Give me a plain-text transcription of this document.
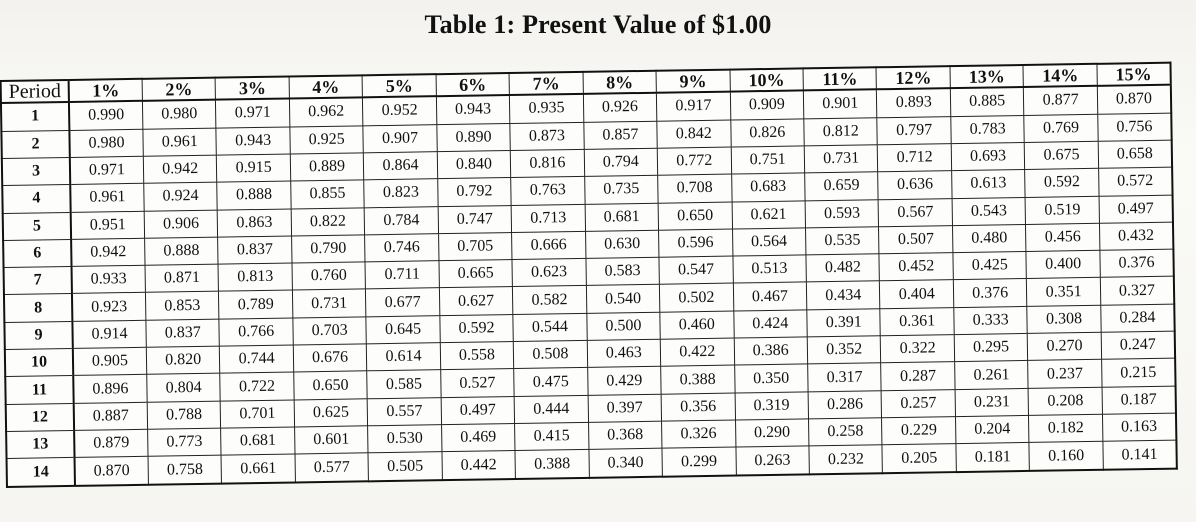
Table 1: Present Value of $1.00
Period	1%	2%	3%	4%	5%	6%	7%	8%	9%	10%	11%	12%	13%	14%	15%
1	0.990	0.980	0.971	0.962	0.952	0.943	0.935	0.926	0.917	0.909	0.901	0.893	0.885	0.877	0.870
2	0.980	0.961	0.943	0.925	0.907	0.890	0.873	0.857	0.842	0.826	0.812	0.797	0.783	0.769	0.756
3	0.971	0.942	0.915	0.889	0.864	0.840	0.816	0.794	0.772	0.751	0.731	0.712	0.693	0.675	0.658
4	0.961	0.924	0.888	0.855	0.823	0.792	0.763	0.735	0.708	0.683	0.659	0.636	0.613	0.592	0.572
5	0.951	0.906	0.863	0.822	0.784	0.747	0.713	0.681	0.650	0.621	0.593	0.567	0.543	0.519	0.497
6	0.942	0.888	0.837	0.790	0.746	0.705	0.666	0.630	0.596	0.564	0.535	0.507	0.480	0.456	0.432
7	0.933	0.871	0.813	0.760	0.711	0.665	0.623	0.583	0.547	0.513	0.482	0.452	0.425	0.400	0.376
8	0.923	0.853	0.789	0.731	0.677	0.627	0.582	0.540	0.502	0.467	0.434	0.404	0.376	0.351	0.327
9	0.914	0.837	0.766	0.703	0.645	0.592	0.544	0.500	0.460	0.424	0.391	0.361	0.333	0.308	0.284
10	0.905	0.820	0.744	0.676	0.614	0.558	0.508	0.463	0.422	0.386	0.352	0.322	0.295	0.270	0.247
11	0.896	0.804	0.722	0.650	0.585	0.527	0.475	0.429	0.388	0.350	0.317	0.287	0.261	0.237	0.215
12	0.887	0.788	0.701	0.625	0.557	0.497	0.444	0.397	0.356	0.319	0.286	0.257	0.231	0.208	0.187
13	0.879	0.773	0.681	0.601	0.530	0.469	0.415	0.368	0.326	0.290	0.258	0.229	0.204	0.182	0.163
14	0.870	0.758	0.661	0.577	0.505	0.442	0.388	0.340	0.299	0.263	0.232	0.205	0.181	0.160	0.141
